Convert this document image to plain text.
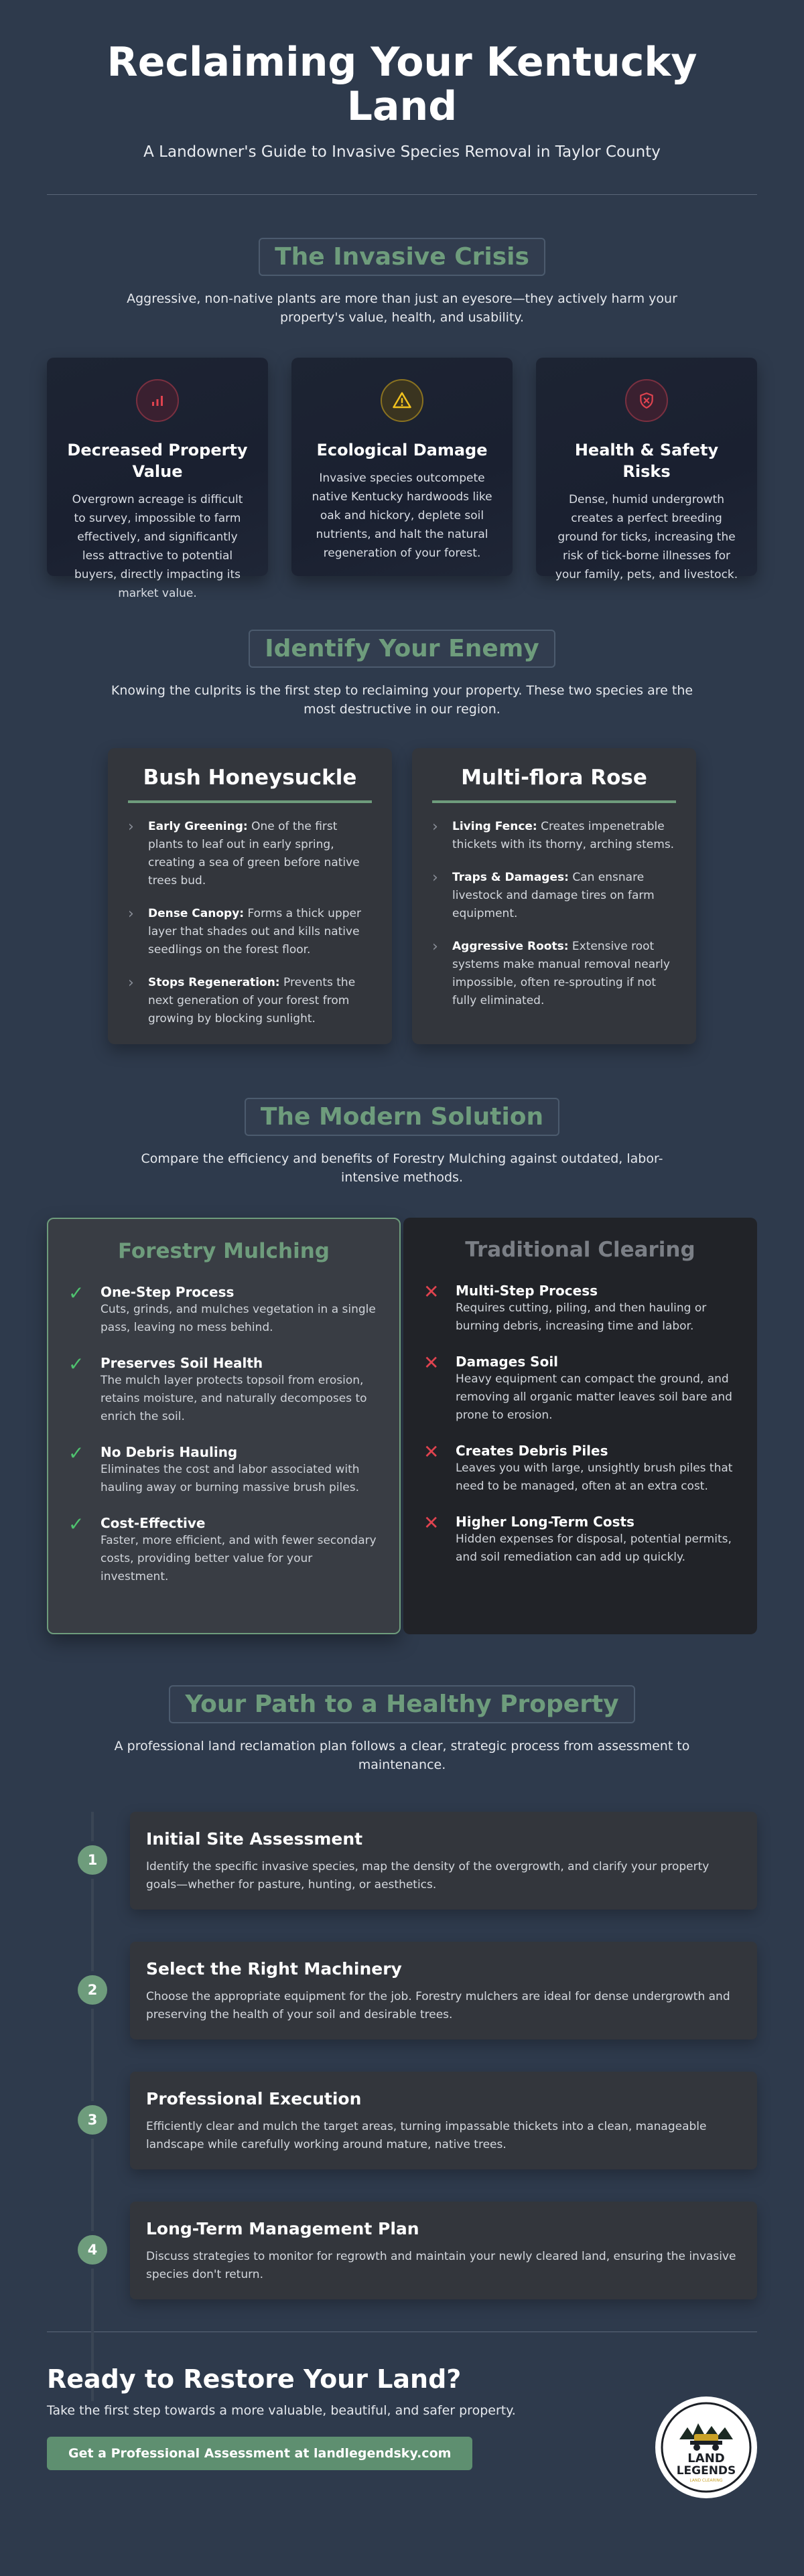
Reclaiming Your Kentucky Land
A Landowner's Guide to Invasive Species Removal in Taylor County
The Invasive Crisis

Aggressive, non-native plants are more than just an eyesore—they actively harm your property's value, health, and usability.

Decreased Property Value

Overgrown acreage is difficult to survey, impossible to farm effectively, and significantly less attractive to potential buyers, directly impacting its market value.

Ecological Damage

Invasive species outcompete native Kentucky hardwoods like oak and hickory, deplete soil nutrients, and halt the natural regeneration of your forest.

Health & Safety Risks

Dense, humid undergrowth creates a perfect breeding ground for ticks, increasing the risk of tick-borne illnesses for your family, pets, and livestock.

Identify Your Enemy

Knowing the culprits is the first step to reclaiming your property. These two species are the most destructive in our region.

Bush Honeysuckle
› Early Greening: One of the first plants to leaf out in early spring, creating a sea of green before native trees bud.
› Dense Canopy: Forms a thick upper layer that shades out and kills native seedlings on the forest floor.
› Stops Regeneration: Prevents the next generation of your forest from growing by blocking sunlight.
Multi-flora Rose
› Living Fence: Creates impenetrable thickets with its thorny, arching stems.
› Traps & Damages: Can ensnare livestock and damage tires on farm equipment.
› Aggressive Roots: Extensive root systems make manual removal nearly impossible, often re-sprouting if not fully eliminated.
The Modern Solution

Compare the efficiency and benefits of Forestry Mulching against outdated, labor-intensive methods.

Forestry Mulching
✓	One-Step Process

Cuts, grinds, and mulches vegetation in a single pass, leaving no mess behind.

✓	Preserves Soil Health

The mulch layer protects topsoil from erosion, retains moisture, and naturally decomposes to enrich the soil.

✓	No Debris Hauling

Eliminates the cost and labor associated with hauling away or burning massive brush piles.

✓	Cost-Effective

Faster, more efficient, and with fewer secondary costs, providing better value for your investment.

Traditional Clearing
✕	Multi-Step Process

Requires cutting, piling, and then hauling or burning debris, increasing time and labor.

✕	Damages Soil

Heavy equipment can compact the ground, and removing all organic matter leaves soil bare and prone to erosion.

✕	Creates Debris Piles

Leaves you with large, unsightly brush piles that need to be managed, often at an extra cost.

✕	Higher Long-Term Costs

Hidden expenses for disposal, potential permits, and soil remediation can add up quickly.

Your Path to a Healthy Property

A professional land reclamation plan follows a clear, strategic process from assessment to maintenance.

1
Initial Site Assessment

Identify the specific invasive species, map the density of the overgrowth, and clarify your property goals—whether for pasture, hunting, or aesthetics.

2
Select the Right Machinery

Choose the appropriate equipment for the job. Forestry mulchers are ideal for dense undergrowth and preserving the health of your soil and desirable trees.

3
Professional Execution

Efficiently clear and mulch the target areas, turning impassable thickets into a clean, manageable landscape while carefully working around mature, native trees.

4
Long-Term Management Plan

Discuss strategies to monitor for regrowth and maintain your newly cleared land, ensuring the invasive species don't return.

Ready to Restore Your Land?

Take the first step towards a more valuable, beautiful, and safer property.

Get a Professional Assessment at landlegendsky.com	LAND
LEGENDS
LAND CLEARING
